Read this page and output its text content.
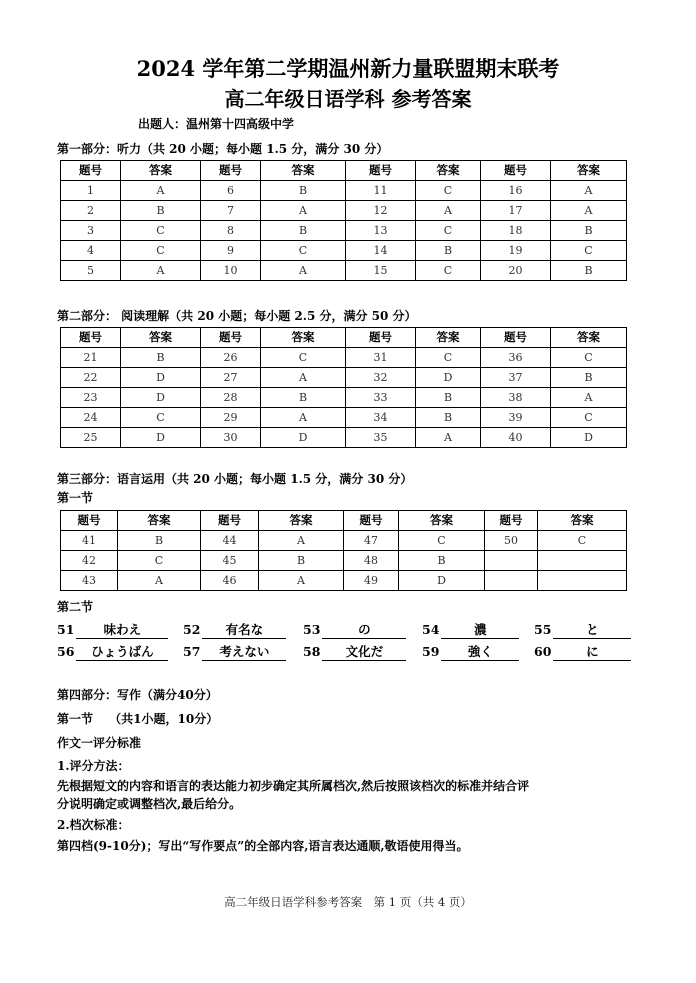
2024 学年第二学期温州新力量联盟期末联考
高二年级日语学科 参考答案
出题人：温州第十四高级中学
第一部分：听力（共 20 小题；每小题 1.5 分，满分 30 分）
题号	答案	题号	答案	题号	答案	题号	答案
1	A	6	B	11	C	16	A
2	B	7	A	12	A	17	A
3	C	8	B	13	C	18	B
4	C	9	C	14	B	19	C
5	A	10	A	15	C	20	B
第二部分： 阅读理解（共 20 小题；每小题 2.5 分，满分 50 分）
题号	答案	题号	答案	题号	答案	题号	答案
21	B	26	C	31	C	36	C
22	D	27	A	32	D	37	B
23	D	28	B	33	B	38	A
24	C	29	A	34	B	39	C
25	D	30	D	35	A	40	D
第三部分：语言运用（共 20 小题；每小题 1.5 分，满分 30 分）
第一节
题号	答案	题号	答案	题号	答案	题号	答案
41	B	44	A	47	C	50	C
42	C	45	B	48	B		
43	A	46	A	49	D		
第二节
51 味わえ	52 有名な	53	の	54	濃	55	と
56 ひょうばん	57 考えない	58 文化だ	59 強く	60	に
第四部分：写作（满分40分）
第一节　 （共1小题，10分）
作文一评分标准
1.评分方法：
先根据短文的内容和语言的表达能力初步确定其所属档次,然后按照该档次的标准并结合评
分说明确定或调整档次,最后给分。
2.档次标准：
第四档(9-10分)；写出“写作要点”的全部内容,语言表达通顺,敬语使用得当。
高二年级日语学科参考答案　第 1 页（共 4 页）
